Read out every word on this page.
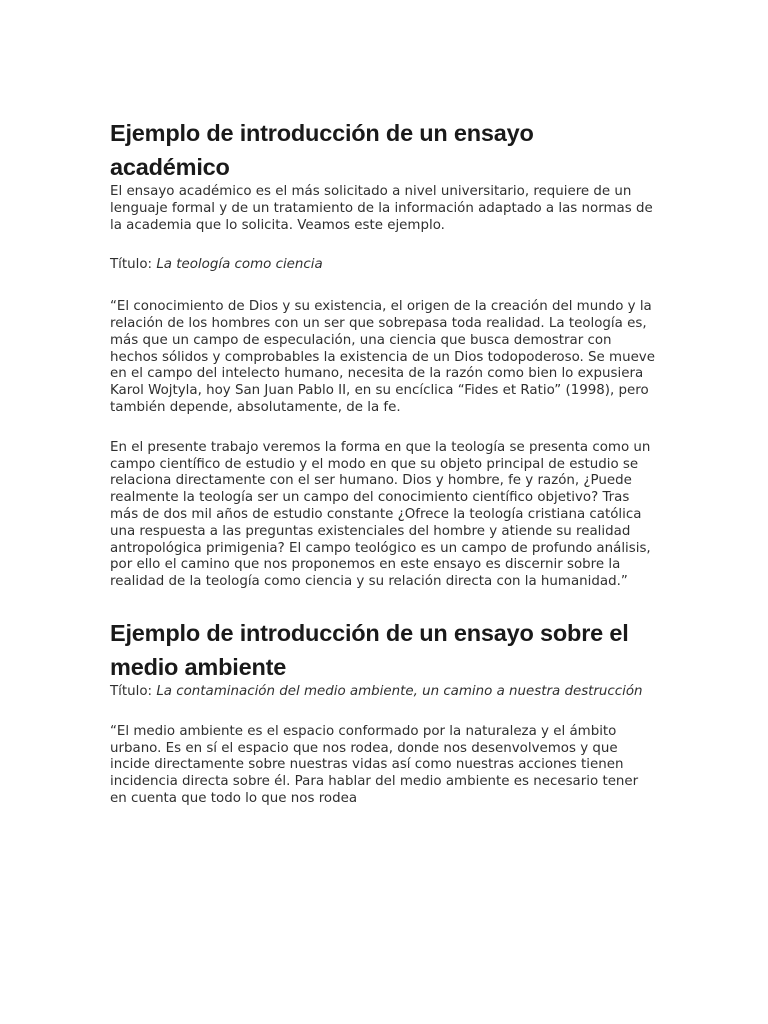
Ejemplo de introducción de un ensayo académico

El ensayo académico es el más solicitado a nivel universitario, requiere de un lenguaje formal y de un tratamiento de la información adaptado a las normas de la academia que lo solicita. Veamos este ejemplo.

Título: La teología como ciencia

“El conocimiento de Dios y su existencia, el origen de la creación del mundo y la relación de los hombres con un ser que sobrepasa toda realidad. La teología es, más que un campo de especulación, una ciencia que busca demostrar con hechos sólidos y comprobables la existencia de un Dios todopoderoso. Se mueve en el campo del intelecto humano, necesita de la razón como bien lo expusiera Karol Wojtyla, hoy San Juan Pablo II, en su encíclica “Fides et Ratio” (1998), pero también depende, absolutamente, de la fe.

En el presente trabajo veremos la forma en que la teología se presenta como un campo científico de estudio y el modo en que su objeto principal de estudio se relaciona directamente con el ser humano. Dios y hombre, fe y razón, ¿Puede realmente la teología ser un campo del conocimiento científico objetivo? Tras más de dos mil años de estudio constante ¿Ofrece la teología cristiana católica una respuesta a las preguntas existenciales del hombre y atiende su realidad antropológica primigenia? El campo teológico es un campo de profundo análisis, por ello el camino que nos proponemos en este ensayo es discernir sobre la realidad de la teología como ciencia y su relación directa con la humanidad.”

Ejemplo de introducción de un ensayo sobre el medio ambiente

Título: La contaminación del medio ambiente, un camino a nuestra destrucción

“El medio ambiente es el espacio conformado por la naturaleza y el ámbito urbano. Es en sí el espacio que nos rodea, donde nos desenvolvemos y que incide directamente sobre nuestras vidas así como nuestras acciones tienen incidencia directa sobre él. Para hablar del medio ambiente es necesario tener en cuenta que todo lo que nos rodea
